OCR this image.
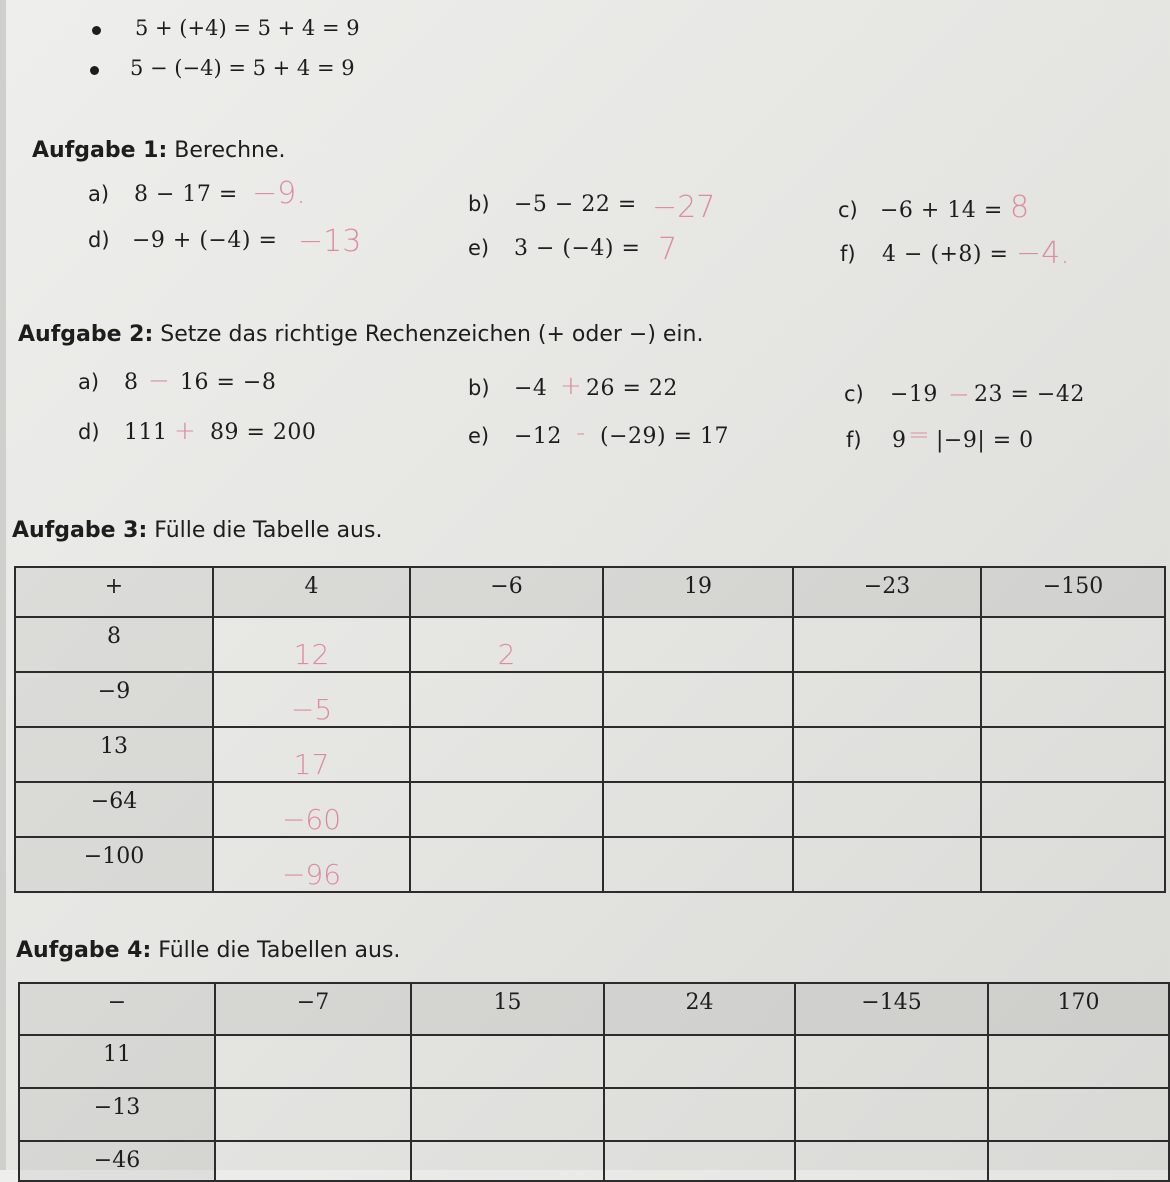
5 + (+4) = 5 + 4 = 9
5 − (−4) = 5 + 4 = 9
Aufgabe 1: Berechne.
a) 8 − 17 = −9.	b) −5 − 22 = −27	c) −6 + 14 = 8
d) −9 + (−4) = −13	e) 3 − (−4) = 7	f) 4 − (+8) = −4.
Aufgabe 2: Setze das richtige Rechenzeichen (+ oder −) ein.
a) 8 − 16 = −8	b) −4 + 26 = 22	c) −19 − 23 = −42
d) 111 + 89 = 200	e) −12 - (−29) = 17	f) 9 = |−9| = 0
Aufgabe 3: Fülle die Tabelle aus.
+	4	−6	19	−23	−150
8	12	2			
−9	−5				
13	17				
−64	−60				
−100	−96				
Aufgabe 4: Fülle die Tabellen aus.
−	−7	15	24	−145	170
11					
−13					
−46					
